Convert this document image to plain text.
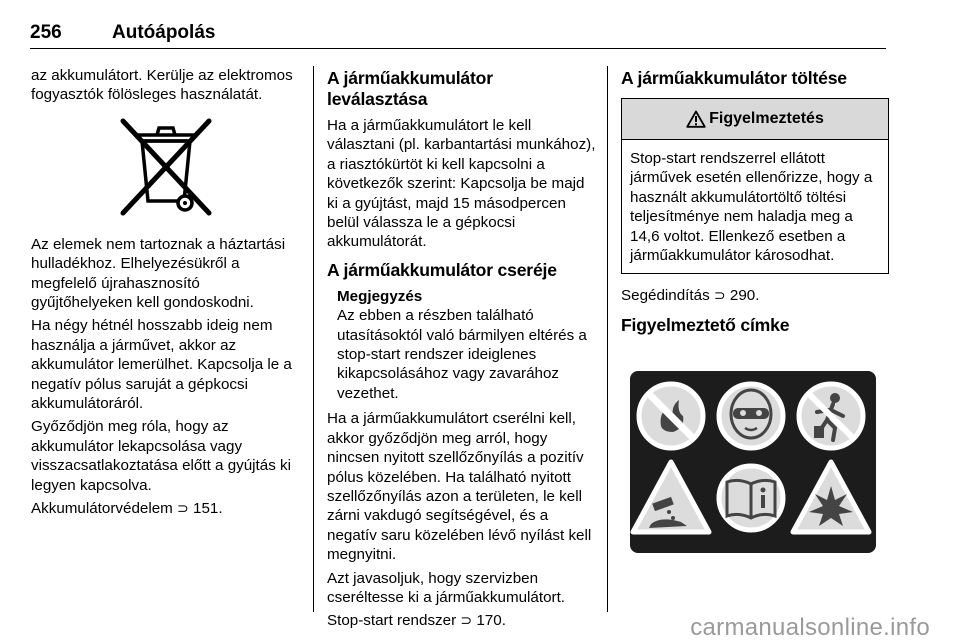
256	Autóápolás

az akkumulátort. Kerülje az elektromos fogyasztók fölösleges használatát.

Az elemek nem tartoznak a háztartási hulladékhoz. Elhelyezésükről a megfelelő újrahasznosító gyűjtőhelyeken kell gondoskodni.

Ha négy hétnél hosszabb ideig nem használja a járművet, akkor az akkumulátor lemerülhet. Kapcsolja le a negatív pólus saruját a gépkocsi akkumulátoráról.

Győződjön meg róla, hogy az akkumulátor lekapcsolása vagy visszacsatlakoztatása előtt a gyújtás ki legyen kapcsolva.

Akkumulátorvédelem ⊃ 151.

A járműakkumulátor leválasztása

Ha a járműakkumulátort le kell választani (pl. karbantartási munkához), a riasztókürtöt ki kell kapcsolni a következők szerint: Kapcsolja be majd ki a gyújtást, majd 15 másodpercen belül válassza le a gépkocsi akkumulátorát.

A járműakkumulátor cseréje
Megjegyzés

Az ebben a részben található utasításoktól való bármilyen eltérés a stop-start rendszer ideiglenes kikapcsolásához vagy zavarához vezethet.

Ha a járműakkumulátort cserélni kell, akkor győződjön meg arról, hogy nincsen nyitott szellőzőnyílás a pozitív pólus közelében. Ha található nyitott szellőzőnyílás azon a területen, le kell zárni vakdugó segítségével, és a negatív saru közelében lévő nyílást kell megnyitni.

Azt javasoljuk, hogy szervizben cseréltesse ki a járműakkumulátort.

Stop-start rendszer ⊃ 170.

A járműakkumulátor töltése
Figyelmeztetés

Stop-start rendszerrel ellátott járművek esetén ellenőrizze, hogy a használt akkumulátortöltő töltési teljesítménye nem haladja meg a 14,6 voltot. Ellenkező esetben a járműakkumulátor károsodhat.

Segédindítás ⊃ 290.

Figyelmeztető címke
carmanualsonline.info
